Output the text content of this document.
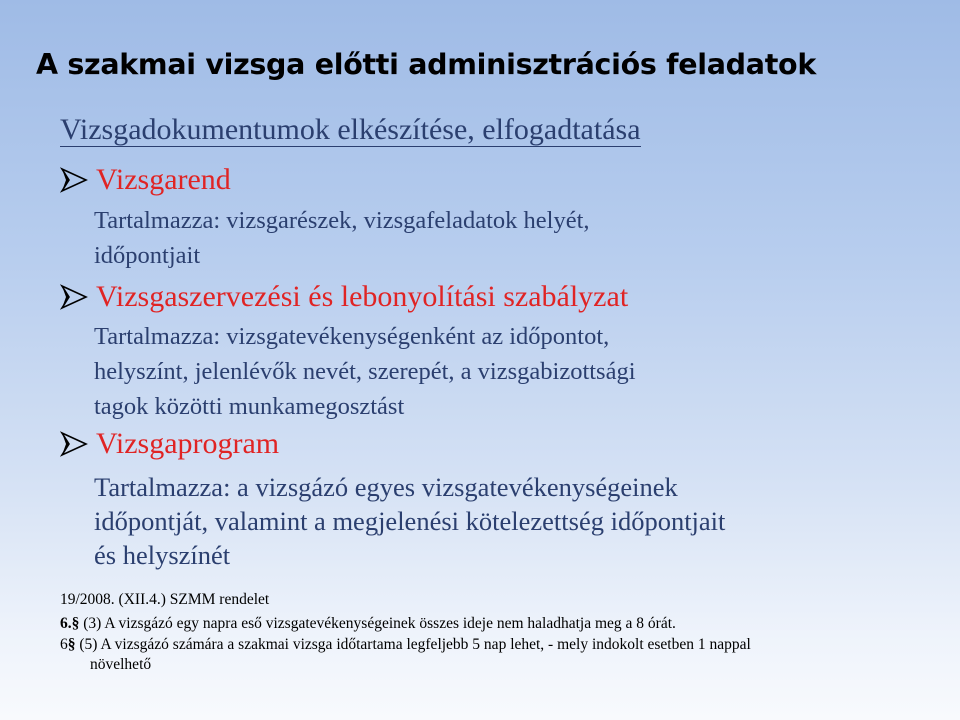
A szakmai vizsga előtti adminisztrációs feladatok
Vizsgadokumentumok elkészítése, elfogadtatása
Vizsgarend
Tartalmazza: vizsgarészek, vizsgafeladatok helyét,
időpontjait
Vizsgaszervezési és lebonyolítási szabályzat
Tartalmazza: vizsgatevékenységenként az időpontot,
helyszínt, jelenlévők nevét, szerepét, a vizsgabizottsági
tagok közötti munkamegosztást
Vizsgaprogram
Tartalmazza: a vizsgázó egyes vizsgatevékenységeinek
időpontját, valamint a megjelenési kötelezettség időpontjait
és helyszínét
19/2008. (XII.4.) SZMM rendelet
6.§ (3) A vizsgázó egy napra eső vizsgatevékenységeinek összes ideje nem haladhatja meg a 8 órát.
6§ (5) A vizsgázó számára a szakmai vizsga időtartama legfeljebb 5 nap lehet, - mely indokolt esetben 1 nappal
növelhető
